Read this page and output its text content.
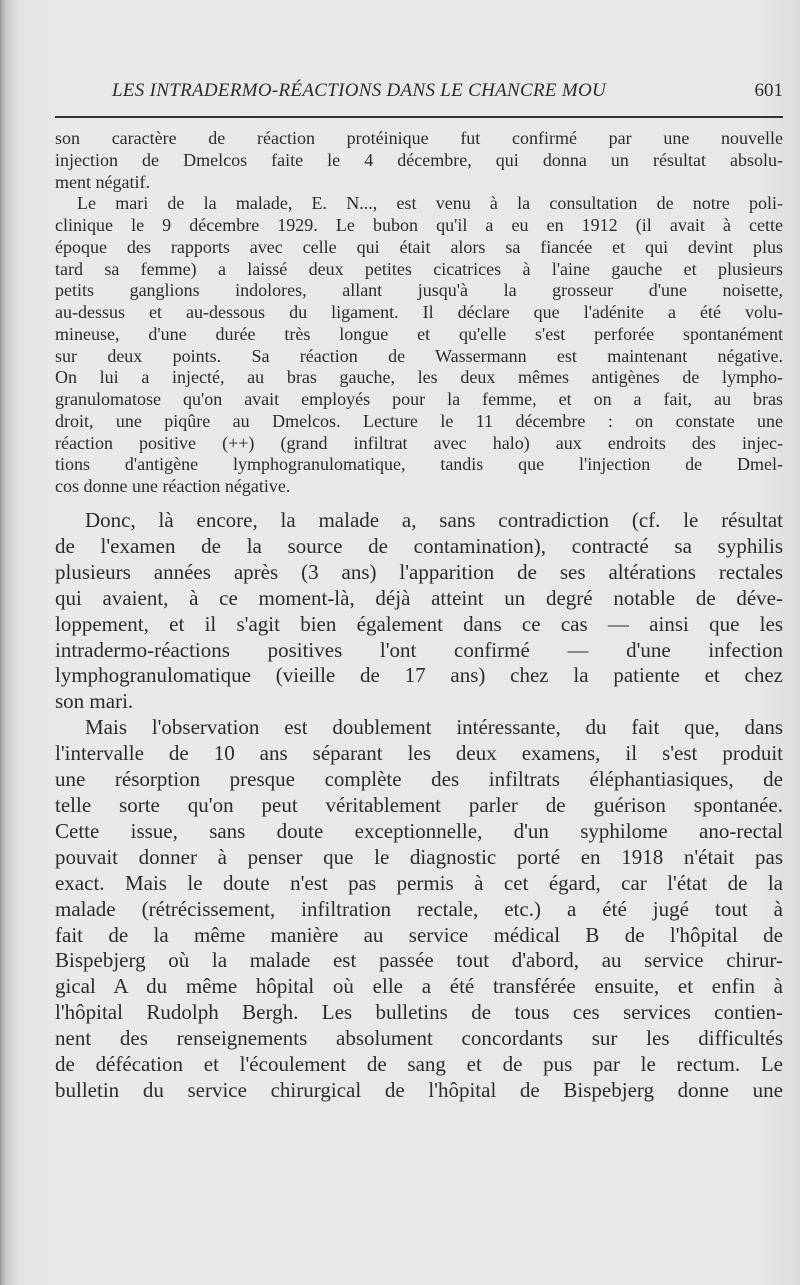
LES INTRADERMO-RÉACTIONS DANS LE CHANCRE MOU	601
son caractère de réaction protéinique fut confirmé par une nouvelle
injection de Dmelcos faite le 4 décembre, qui donna un résultat absolu-
ment négatif.
Le mari de la malade, E. N..., est venu à la consultation de notre poli-
clinique le 9 décembre 1929. Le bubon qu'il a eu en 1912 (il avait à cette
époque des rapports avec celle qui était alors sa fiancée et qui devint plus
tard sa femme) a laissé deux petites cicatrices à l'aine gauche et plusieurs
petits ganglions indolores, allant jusqu'à la grosseur d'une noisette,
au-dessus et au-dessous du ligament. Il déclare que l'adénite a été volu-
mineuse, d'une durée très longue et qu'elle s'est perforée spontanément
sur deux points. Sa réaction de Wassermann est maintenant négative.
On lui a injecté, au bras gauche, les deux mêmes antigènes de lympho-
granulomatose qu'on avait employés pour la femme, et on a fait, au bras
droit, une piqûre au Dmelcos. Lecture le 11 décembre : on constate une
réaction positive (++) (grand infiltrat avec halo) aux endroits des injec-
tions d'antigène lymphogranulomatique, tandis que l'injection de Dmel-
cos donne une réaction négative.
Donc, là encore, la malade a, sans contradiction (cf. le résultat
de l'examen de la source de contamination), contracté sa syphilis
plusieurs années après (3 ans) l'apparition de ses altérations rectales
qui avaient, à ce moment-là, déjà atteint un degré notable de déve-
loppement, et il s'agit bien également dans ce cas — ainsi que les
intradermo-réactions positives l'ont confirmé — d'une infection
lymphogranulomatique (vieille de 17 ans) chez la patiente et chez
son mari.
Mais l'observation est doublement intéressante, du fait que, dans
l'intervalle de 10 ans séparant les deux examens, il s'est produit
une résorption presque complète des infiltrats éléphantiasiques, de
telle sorte qu'on peut véritablement parler de guérison spontanée.
Cette issue, sans doute exceptionnelle, d'un syphilome ano-rectal
pouvait donner à penser que le diagnostic porté en 1918 n'était pas
exact. Mais le doute n'est pas permis à cet égard, car l'état de la
malade (rétrécissement, infiltration rectale, etc.) a été jugé tout à
fait de la même manière au service médical B de l'hôpital de
Bispebjerg où la malade est passée tout d'abord, au service chirur-
gical A du même hôpital où elle a été transférée ensuite, et enfin à
l'hôpital Rudolph Bergh. Les bulletins de tous ces services contien-
nent des renseignements absolument concordants sur les difficultés
de défécation et l'écoulement de sang et de pus par le rectum. Le
bulletin du service chirurgical de l'hôpital de Bispebjerg donne une
